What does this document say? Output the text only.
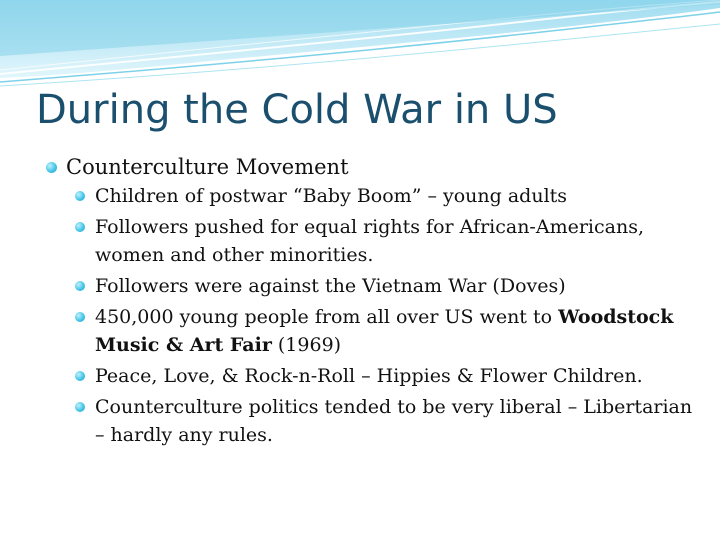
During the Cold War in US
Counterculture Movement
Children of postwar “Baby Boom” – young adults
Followers pushed for equal rights for African-Americans, women and other minorities.
Followers were against the Vietnam War (Doves)
450,000 young people from all over US went to Woodstock Music & Art Fair (1969)
Peace, Love, & Rock-n-Roll – Hippies & Flower Children.
Counterculture politics tended to be very liberal – Libertarian – hardly any rules.
